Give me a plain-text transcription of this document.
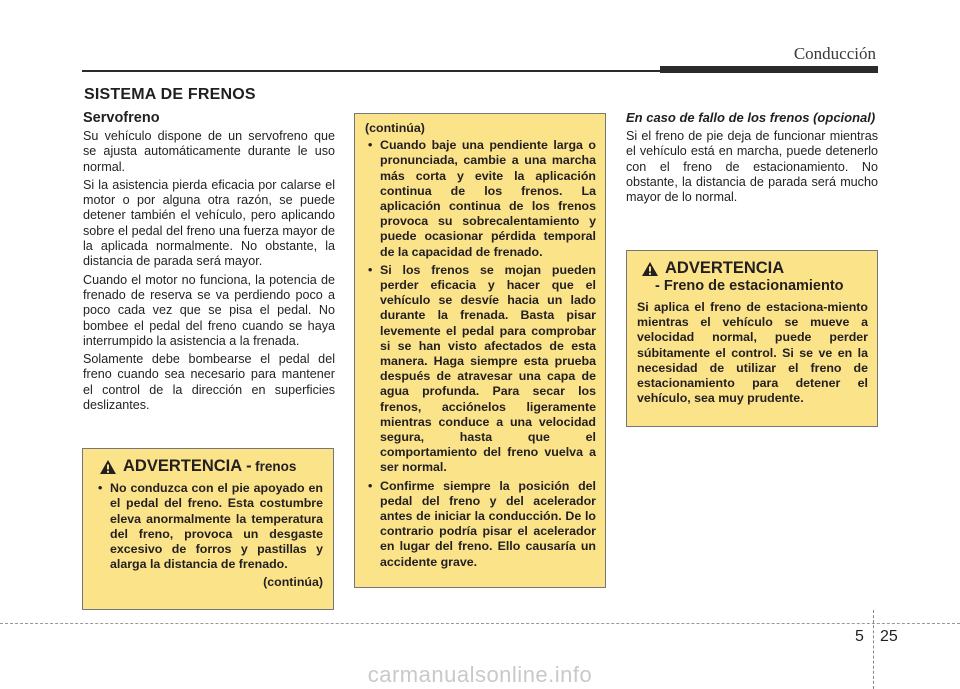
Conducción
SISTEMA DE FRENOS
Servofreno

Su vehículo dispone de un servofreno que se ajusta automáticamente durante le uso normal.

Si la asistencia pierda eficacia por calarse el motor o por alguna otra razón, se puede detener también el vehículo, pero aplicando sobre el pedal del freno una fuerza mayor de la aplicada normalmente. No obstante, la distancia de parada será mayor.

Cuando el motor no funciona, la potencia de frenado de reserva se va perdiendo poco a poco cada vez que se pisa el pedal. No bombee el pedal del freno cuando se haya interrumpido la asistencia a la frenada.

Solamente debe bombearse el pedal del freno cuando sea necesario para mantener el control de la dirección en superficies deslizantes.

ADVERTENCIA - frenos
• No conduzca con el pie apoyado en el pedal del freno. Esta costumbre eleva anormalmente la temperatura del freno, provoca un desgaste excesivo de forros y pastillas y alarga la distancia de frenado.
(continúa)
(continúa)
• Cuando baje una pendiente larga o pronunciada, cambie a una marcha más corta y evite la aplicación continua de los frenos. La aplicación continua de los frenos provoca su sobrecalentamiento y puede ocasionar pérdida temporal de la capacidad de frenado.
• Si los frenos se mojan pueden perder eficacia y hacer que el vehículo se desvíe hacia un lado durante la frenada. Basta pisar levemente el pedal para comprobar si se han visto afectados de esta manera. Haga siempre esta prueba después de atravesar una capa de agua profunda. Para secar los frenos, acciónelos ligeramente mientras conduce a una velocidad segura, hasta que el comportamiento del freno vuelva a ser normal.
• Confirme siempre la posición del pedal del freno y del acelerador antes de iniciar la conducción. De lo contrario podría pisar el acelerador en lugar del freno. Ello causaría un accidente grave.
En caso de fallo de los frenos (opcional)

Si el freno de pie deja de funcionar mientras el vehículo está en marcha, puede detenerlo con el freno de estacionamiento. No obstante, la distancia de parada será mucho mayor de lo normal.

ADVERTENCIA
- Freno de estacionamiento
Si aplica el freno de estaciona-miento mientras el vehículo se mueve a velocidad normal, puede perder súbitamente el control. Si se ve en la necesidad de utilizar el freno de estacionamiento para detener el vehículo, sea muy prudente.
5 25
carmanualsonline.info
